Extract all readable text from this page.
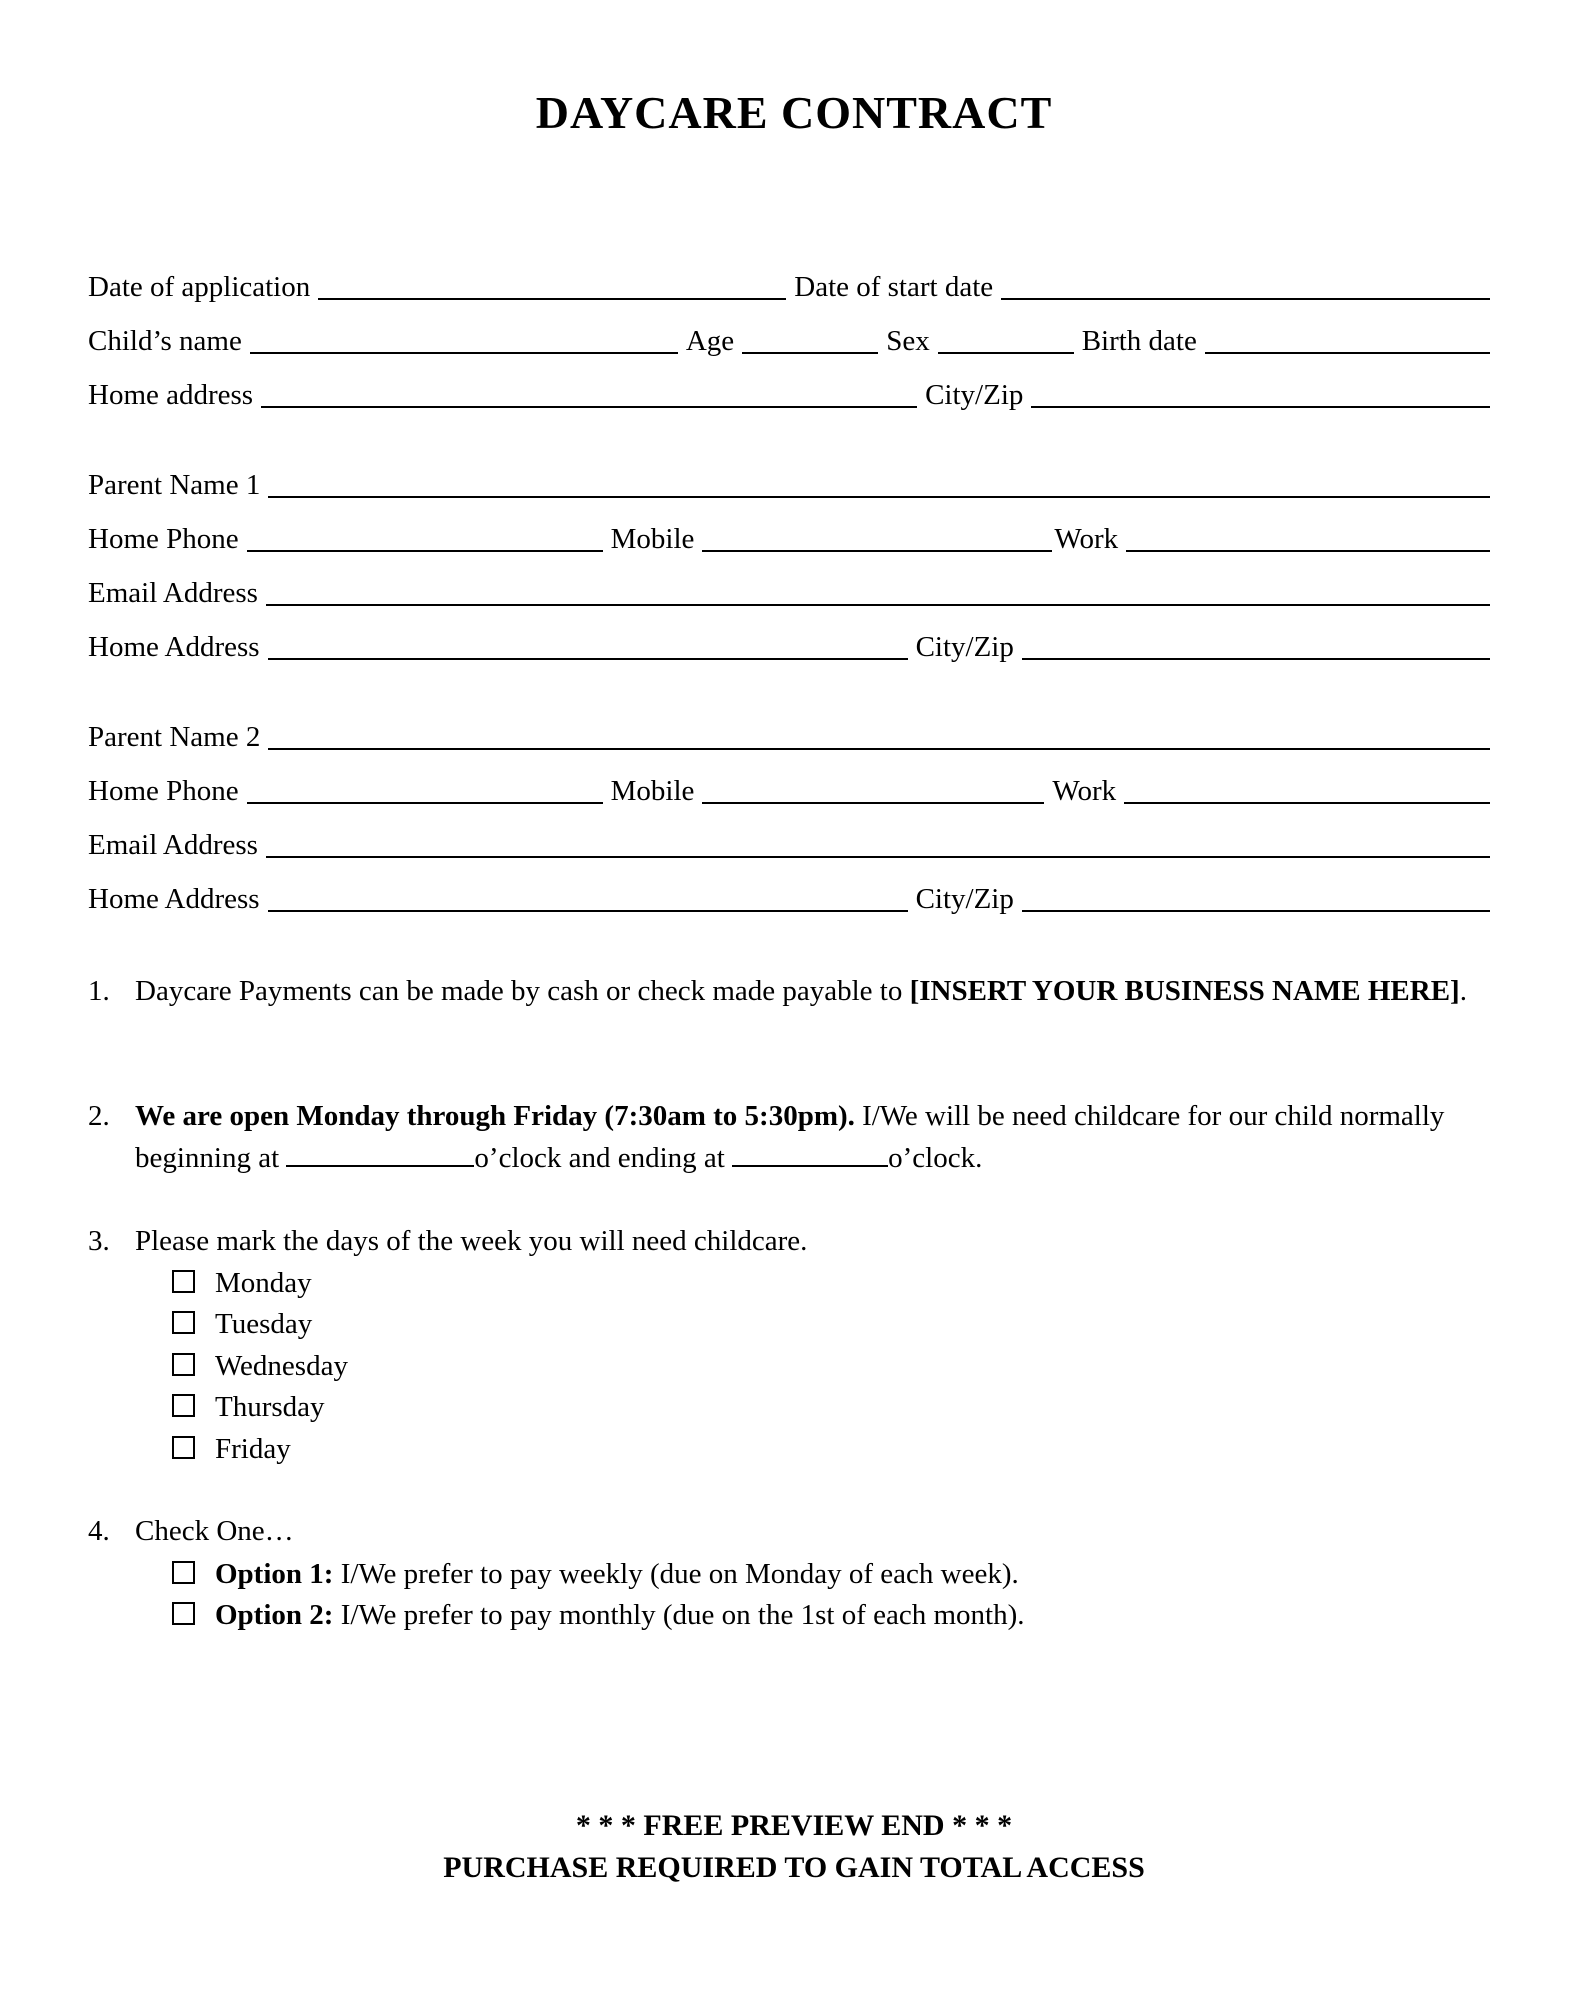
DAYCARE CONTRACT
Date of application	Date of start date
Child’s name	Age	Sex	Birth date
Home address	City/Zip
Parent Name 1
Home Phone	Mobile	Work
Email Address
Home Address	City/Zip
Parent Name 2
Home Phone	Mobile	Work
Email Address
Home Address	City/Zip
1. Daycare Payments can be made by cash or check made payable to [INSERT YOUR BUSINESS NAME HERE].
2. We are open Monday through Friday (7:30am to 5:30pm). I/We will be need childcare for our child normally beginning at	o’clock and ending at	o’clock.
3. Please mark the days of the week you will need childcare.
Monday
Tuesday
Wednesday
Thursday
Friday
4. Check One…
Option 1: I/We prefer to pay weekly (due on Monday of each week).
Option 2: I/We prefer to pay monthly (due on the 1st of each month).
* * * FREE PREVIEW END * * *
PURCHASE REQUIRED TO GAIN TOTAL ACCESS
